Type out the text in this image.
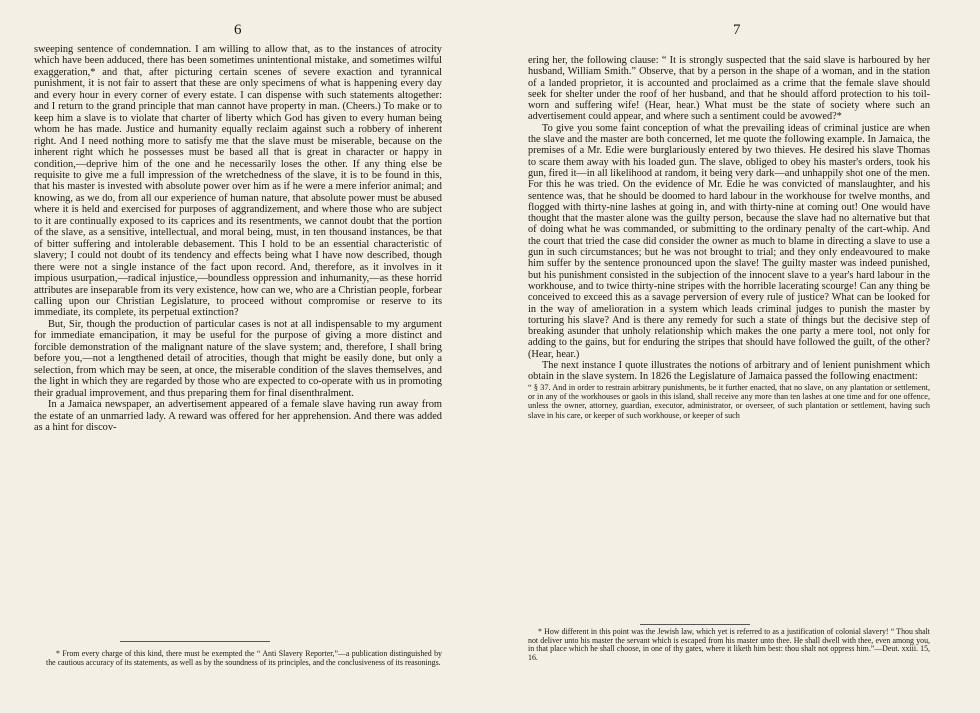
6

sweeping sentence of condemnation. I am willing to allow that, as to the instances of atrocity which have been adduced, there has been sometimes unintentional mistake, and sometimes wilful exaggeration,* and that, after picturing certain scenes of severe exaction and tyrannical punishment, it is not fair to assert that these are only specimens of what is happening every day and every hour in every corner of every estate. I can dispense with such statements altogether: and I return to the grand principle that man cannot have property in man. (Cheers.) To make or to keep him a slave is to violate that charter of liberty which God has given to every human being whom he has made. Justice and humanity equally reclaim against such a robbery of inherent right. And I need nothing more to satisfy me that the slave must be miserable, because on the inherent right which he possesses must be based all that is great in character or happy in condition,—deprive him of the one and he necessarily loses the other. If any thing else be requisite to give me a full impression of the wretchedness of the slave, it is to be found in this, that his master is invested with absolute power over him as if he were a mere inferior animal; and knowing, as we do, from all our experience of human nature, that absolute power must be abused where it is held and exercised for purposes of aggrandizement, and where those who are subject to it are continually exposed to its caprices and its resentments, we cannot doubt that the portion of the slave, as a sensitive, intellectual, and moral being, must, in ten thousand instances, be that of bitter suffering and intolerable debasement. This I hold to be an essential characteristic of slavery; I could not doubt of its tendency and effects being what I have now described, though there were not a single instance of the fact upon record. And, therefore, as it involves in it impious usurpation,—radical injustice,—boundless oppression and inhumanity,—as these horrid attributes are inseparable from its very existence, how can we, who are a Christian people, forbear calling upon our Christian Legislature, to proceed without compromise or reserve to its immediate, its complete, its perpetual extinction?

But, Sir, though the production of particular cases is not at all indispensable to my argument for immediate emancipation, it may be useful for the purpose of giving a more distinct and forcible demonstration of the malignant nature of the slave system; and, therefore, I shall bring before you,—not a lengthened detail of atrocities, though that might be easily done, but only a selection, from which may be seen, at once, the miserable condition of the slaves themselves, and the light in which they are regarded by those who are expected to co-operate with us in promoting their gradual improvement, and thus preparing them for final disenthralment.

In a Jamaica newspaper, an advertisement appeared of a female slave having run away from the estate of an unmarried lady. A reward was offered for her apprehension. And there was added as a hint for discov-

* From every charge of this kind, there must be exempted the “ Anti Slavery Reporter,”—a publication distinguished by the cautious accuracy of its statements, as well as by the soundness of its principles, and the conclusiveness of its reasonings.
7

ering her, the following clause: “ It is strongly suspected that the said slave is harboured by her husband, William Smith.” Observe, that by a person in the shape of a woman, and in the station of a landed proprietor, it is accounted and proclaimed as a crime that the female slave should seek for shelter under the roof of her husband, and that he should afford protection to his toil-worn and suffering wife! (Hear, hear.) What must be the state of society where such an advertisement could appear, and where such a sentiment could be avowed?*

To give you some faint conception of what the prevailing ideas of criminal justice are when the slave and the master are both concerned, let me quote the following example. In Jamaica, the premises of a Mr. Edie were burglariously entered by two thieves. He desired his slave Thomas to scare them away with his loaded gun. The slave, obliged to obey his master's orders, took his gun, fired it—in all likelihood at random, it being very dark—and unhappily shot one of the men. For this he was tried. On the evidence of Mr. Edie he was convicted of manslaughter, and his sentence was, that he should be doomed to hard labour in the workhouse for twelve months, and flogged with thirty-nine lashes at going in, and with thirty-nine at coming out! One would have thought that the master alone was the guilty person, because the slave had no alternative but that of doing what he was commanded, or submitting to the ordinary penalty of the cart-whip. And the court that tried the case did consider the owner as much to blame in directing a slave to use a gun in such circumstances; but he was not brought to trial; and they only endeavoured to make him suffer by the sentence pronounced upon the slave! The guilty master was indeed punished, but his punishment consisted in the subjection of the innocent slave to a year's hard labour in the workhouse, and to twice thirty-nine stripes with the horrible lacerating scourge! Can any thing be conceived to exceed this as a savage perversion of every rule of justice? What can be looked for in the way of amelioration in a system which leads criminal judges to punish the master by torturing his slave? And is there any remedy for such a state of things but the decisive step of breaking asunder that unholy relationship which makes the one party a mere tool, not only for adding to the gains, but for enduring the stripes that should have followed the guilt, of the other? (Hear, hear.)

The next instance I quote illustrates the notions of arbitrary and of lenient punishment which obtain in the slave system. In 1826 the Legislature of Jamaica passed the following enactment:

“ § 37. And in order to restrain arbitrary punishments, be it further enacted, that no slave, on any plantation or settlement, or in any of the workhouses or gaols in this island, shall receive any more than ten lashes at one time and for one offence, unless the owner, attorney, guardian, executor, administrator, or overseer, of such plantation or settlement, having such slave in his care, or keeper of such workhouse, or keeper of such

* How different in this point was the Jewish law, which yet is referred to as a justification of colonial slavery! “ Thou shalt not deliver unto his master the servant which is escaped from his master unto thee. He shall dwell with thee, even among you, in that place which he shall choose, in one of thy gates, where it liketh him best: thou shalt not oppress him.”—Deut. xxiii. 15, 16.
